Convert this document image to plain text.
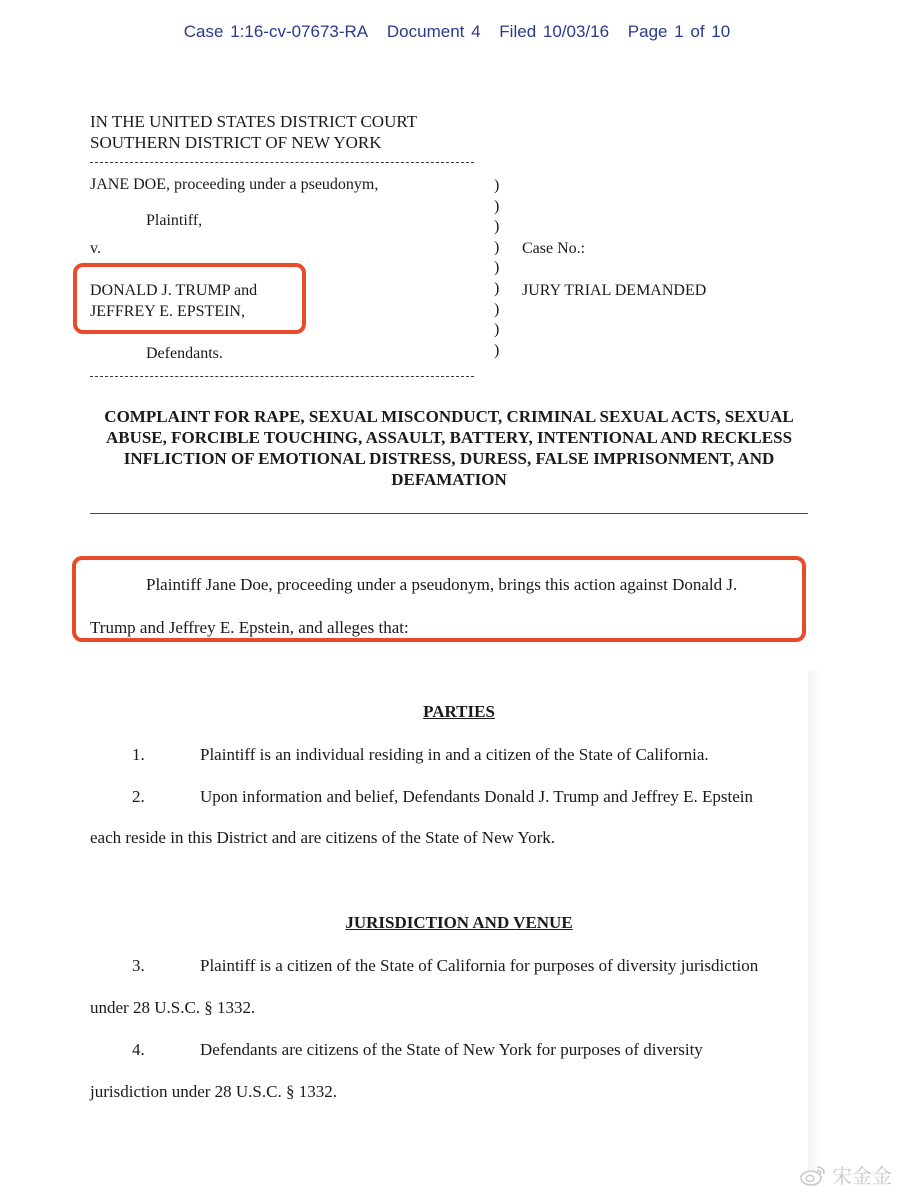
Case 1:16-cv-07673-RA Document 4 Filed 10/03/16 Page 1 of 10
IN THE UNITED STATES DISTRICT COURT
SOUTHERN DISTRICT OF NEW YORK
JANE DOE, proceeding under a pseudonym,
Plaintiff,
v.
DONALD J. TRUMP and
JEFFREY E. EPSTEIN,
Defendants.
)
)
)
)
)
)
)
)
)
Case No.:
JURY TRIAL DEMANDED
COMPLAINT FOR RAPE, SEXUAL MISCONDUCT, CRIMINAL SEXUAL ACTS, SEXUAL ABUSE, FORCIBLE TOUCHING, ASSAULT, BATTERY, INTENTIONAL AND RECKLESS INFLICTION OF EMOTIONAL DISTRESS, DURESS, FALSE IMPRISONMENT, AND DEFAMATION
Plaintiff Jane Doe, proceeding under a pseudonym, brings this action against Donald J.
Trump and Jeffrey E. Epstein, and alleges that:
PARTIES
1.	Plaintiff is an individual residing in and a citizen of the State of California.
2.	Upon information and belief, Defendants Donald J. Trump and Jeffrey E. Epstein
each reside in this District and are citizens of the State of New York.
JURISDICTION AND VENUE
3.	Plaintiff is a citizen of the State of California for purposes of diversity jurisdiction
under 28 U.S.C. § 1332.
4.	Defendants are citizens of the State of New York for purposes of diversity
jurisdiction under 28 U.S.C. § 1332.
宋金金
